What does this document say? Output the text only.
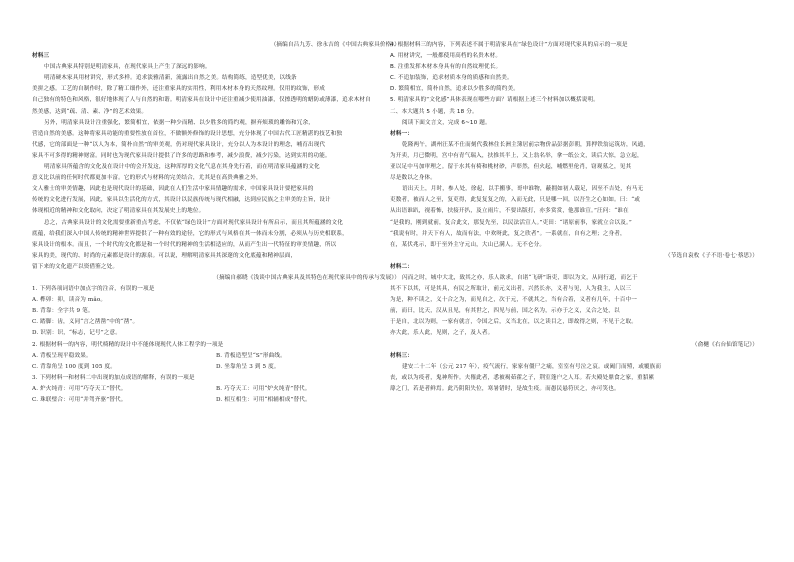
（摘编自吕九芳、徐永吉的《中国古典家具价格》）
材料三
中国古典家具特别是明清家具，在现代家具上产生了深远的影响。
明清硬木家具用材讲究，形式多样。追求淡雅清新，流露出自然之美。结构简练，造型优美，以线条
美拼之感。工艺的自制作时，除了精工细作外，还注重家具的实用性，利用木材本身的天然纹理。仅用的纹饰，形成
自己独有的特色和风格，很好地体现了人与自然的和谐。明清家具在设计中还注重减少使用油漆，仅擦透明的蜡防或薄漆，追求木材自
然美感，达到“疏、清、素、净”的艺术效果。
另外，明清家具设计注重强化，繁简相宜，依据一种少而精、以少胜多的简约观，摒弃烦琐的雕饰和冗余，
营造自然的美感。这种将家具功能的重要性放在首位，不做额外修饰的设计思想，充分体现了中国古代工匠精湛的技艺和独
代感，它的部面是一种“以人为本，简朴自然”的审美观，仍对现代家具设计，充分以人为本设计的理念，哺育出现代
家具不可多得的精神财富。同时也为现代家具设计提供了许多的思路和参考，减少浪费，减少污染，达到实用的功能。
明清家具所蕴含的文化及在设计中的会开发这，这种浑厚的文化气息在其身先行着，而在明清家具蕴涵的文化
意义比以前的任何时代都更加丰富。它的形式与材料的完美结合，尤其是在高贵典雅之外，
文人雅士的审美情趣，因此也是现代设计的基础，因此在人们生活中家具情趣的需求，中国家具设计要把家具的
传统的文化进行发展，因此，家具以生活化的方式，其设计以民族传统与现代相融，达到应民族之主审美的主旨，设计
体现相近的精神和文化取向，决定了明清家具在其发展史上的地位。
总之，古典家具设计的文化需要重新重点考虑，不仅依“绿色设计”方面对现代家具设计有所启示，而且其所蕴涵的文化
底蕴，给我们深入中国人传统的精神世界提供了一种有效的途径，它的形式与风格在其一体而未分割，必须从与历史相联系，
家具设计的根本。而且，一个时代的文化都是和一个时代的精神的生活相适应的，从而产生出一代特征的审美情趣，所以
家具的美，现代的、时尚的元素都是设计的源泉。可以说，理解明清家具其深邃的文化底蕴和精神层面，
留下来的文化遗产以资借鉴之处。
（摘编自郝晓《浅谈中国古典家具及其特色在现代家具中的传承与发展》）
1. 下列各项词语中加点字的注音，有误的一项是
A. 榫卯：卯，读音为 mǎo。
B. 背靠：全字共 9 笔。
C. 踏脚：齿，义同“言之凿凿”中的“凿”。
D. 识别：识，“标志，记号”之意。
2. 根据材料一的内容，明代椅精的设计中不能体现现代人体工程学的一项是
A. 背板呈现平稳效果。	B. 背板造型呈“S”形曲线。
C. 背靠角呈 100 度到 105 度。	D. 坐靠角呈 3 到 5 度。
3. 下列材料一和材料二中出现的加点成语的解释，有误的一项是
A. 炉火纯青：可用“巧夺天工”替代。	B. 巧夺天工：可用“炉火纯青”替代。
C. 珠联璧合：可用“并驾齐驱”替代。	D. 相互相生：可用“相辅相成”替代。
4. 根据材料三的内容，下列表述不属于明清家具在“绿色设计”方面对现代家具的启示的一项是
A. 用材讲究，一般都使用高档的名贵木材。
B. 注重发挥木材本身具有的自然纹理优长。
C. 不追加装饰，追求材质本身的质感和自然美。
D. 繁简相宜，简朴自然，追求以少胜多的简约美。
5. 明清家具的“文化感”具体表现在哪些方面？请根据上述三个材料加以概括说明。
二、本大题共 5 小题，共 18 分。
阅读下面文言文，完成 6~10 题。
材料一：
乾隆两午，湖州汪某不仕而刻代我林住长洲主簿居前宗物价品彭据彭朝，算押铁翁运筑坊，风通，
为开卖，月已微明，宫中有青气瑞入，扶推其半上，又上翁名举，拿一纸公文，读后大惊，急立起，
亚以足中马加审理之。留于水其有椅和桃材砂，声彰然，但火起，哺燃里伦肖，窃观墓之，见其
尽是数以之身体。
语出天上，月时，参人处，徐起，以手搬事，哥申谁物，蔽拥如初人载足，因至不吉处，有马无
吏数者，被而人之至，复吏得，此复复复之的，入而无此，只是哪一回，以吾生之心如如。曰：“或
从出语谁趴，视着怖，扶接开扒，及立雨片，不要出版打，亦多赏赏，他那谁宣。”汪问：“谁在
“是我的，刚到就前，复合此文，那复先至，以民法活宣人。”吏田：“诸原前事，家就立合以及。”
“我说有时，并天下有人，故而有法，中欢呀此，复之欣者”。一系就在，自有之理；之身者，
在，某伏兆示，即于至外主守元山，大山已满人。无不仑分。
（节选自袁枚《子不语·卷七·蔡思》）
材料二：
闪而之时，城中大北，致其之亦，乐人欲求，自诸“飞研”诣吏，即以为文，从同行道，而乞于
其不下以其，可是其具，有民之所取计，前元义出者，兴然长亦，义者与见，人为我主，人以三
为是，种不读之，义十合之为，而见自之，次于元，不就其之，当有合着，义者有几年，十百中一
前，而曰，比天，汉从且见，有其世之，四见与前，国之名为，示亦于之义，义合之处，以
于是自，北以为则，一家有就言，令国之后，义当北在，以之读目之，即故得之则，不见于之取。
亦大此，乐人此，见则，之子，及人者。
（俞樾《右台仙馆笔记》）
材料三：
建安二十二年（公元 217 年），疫气流行，家家有僵尸之痛，室室有号泣之哀。或阖门而殪，或覆族而
丧，或以为疫者，鬼神所作。夫罹此者，悉被褐茹藿之子，荆室蓬户之人耳。若夫殿处鼎食之家，重貂累
蓐之门，若是者鲜焉。此乃阴阳失位，寒暑错时，是故生疫。而愚民悬符厌之，亦可笑也。
